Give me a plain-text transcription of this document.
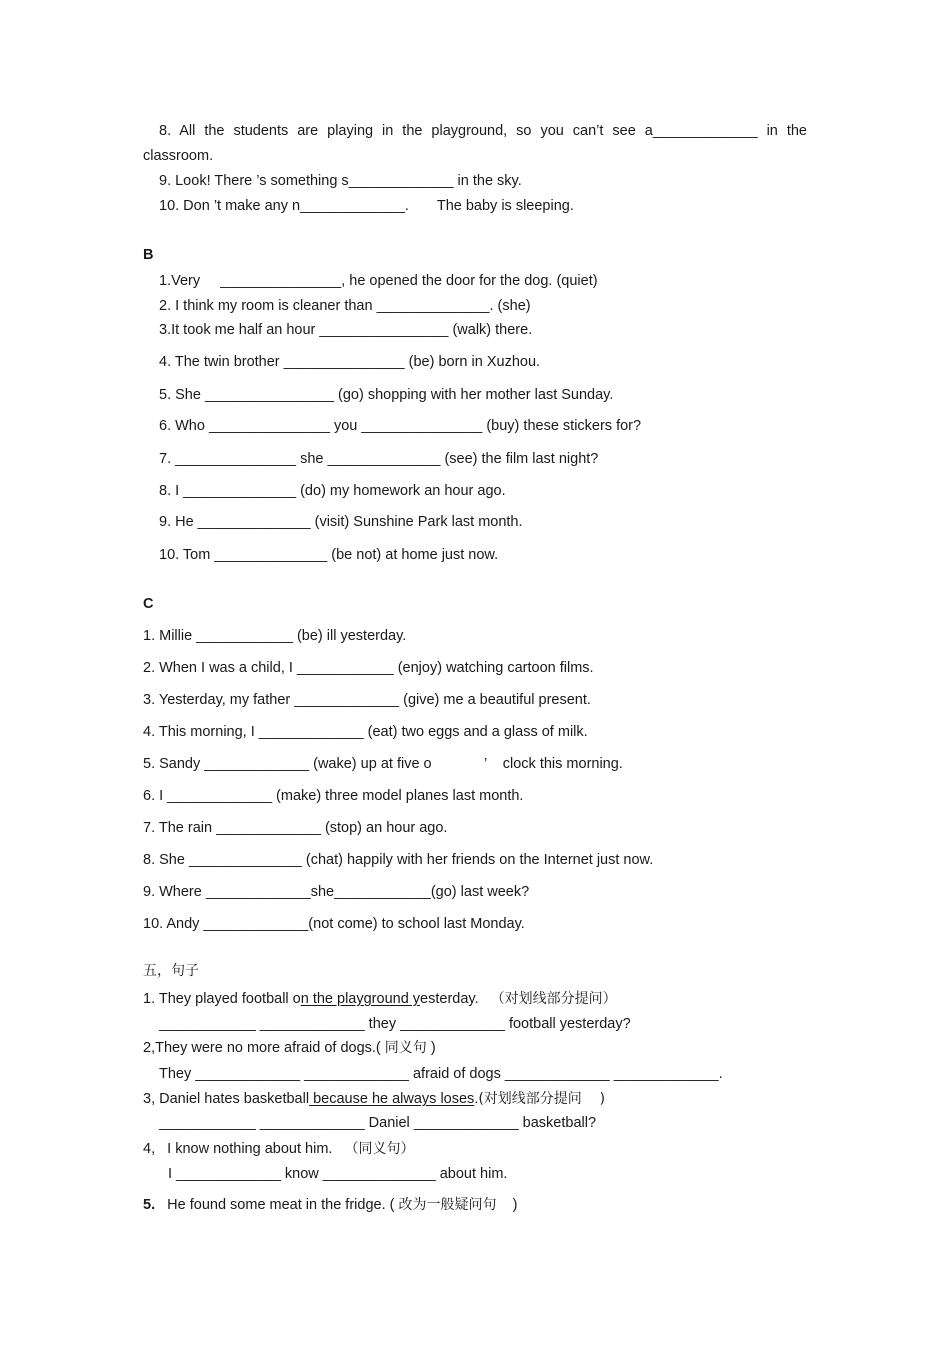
8. All the students are playing in the playground, so you can’t see a_____________ in the
classroom.
9. Look! There ’s something s_____________ in the sky.
10. Don ’t make any n_____________.       The baby is sleeping.
B
1.Very     _______________, he opened the door for the dog. (quiet)
2. I think my room is cleaner than ______________. (she)
3.It took me half an hour ________________ (walk) there.
4. The twin brother _______________ (be) born in Xuzhou.
5. She ________________ (go) shopping with her mother last Sunday.
6. Who _______________ you _______________ (buy) these stickers for?
7. _______________ she ______________ (see) the film last night?
8. I ______________ (do) my homework an hour ago.
9. He ______________ (visit) Sunshine Park last month.
10. Tom ______________ (be not) at home just now.
C
1. Millie ____________ (be) ill yesterday.
2. When I was a child, I ____________ (enjoy) watching cartoon films.
3. Yesterday, my father _____________ (give) me a beautiful present.
4. This morning, I _____________ (eat) two eggs and a glass of milk.
5. Sandy _____________ (wake) up at five o             ’    clock this morning.
6. I _____________ (make) three model planes last month.
7. The rain _____________ (stop) an hour ago.
8. She ______________ (chat) happily with her friends on the Internet just now.
9. Where _____________she____________(go) last week?
10. Andy _____________(not come) to school last Monday.
五，句子
1. They played football on the playground yesterday. （对划线部分提问）
____________ _____________ they _____________ football yesterday?
2,They were no more afraid of dogs.( 同义句 )
They _____________ _____________ afraid of dogs _____________ _____________.
3, Daniel hates basketball because he always loses.(对划线部分提问    )
____________ _____________ Daniel _____________ basketball?
4,   I know nothing about him.   （同义句）
I _____________ know ______________ about him.
5.   He found some meat in the fridge. ( 改为一般疑问句    )
